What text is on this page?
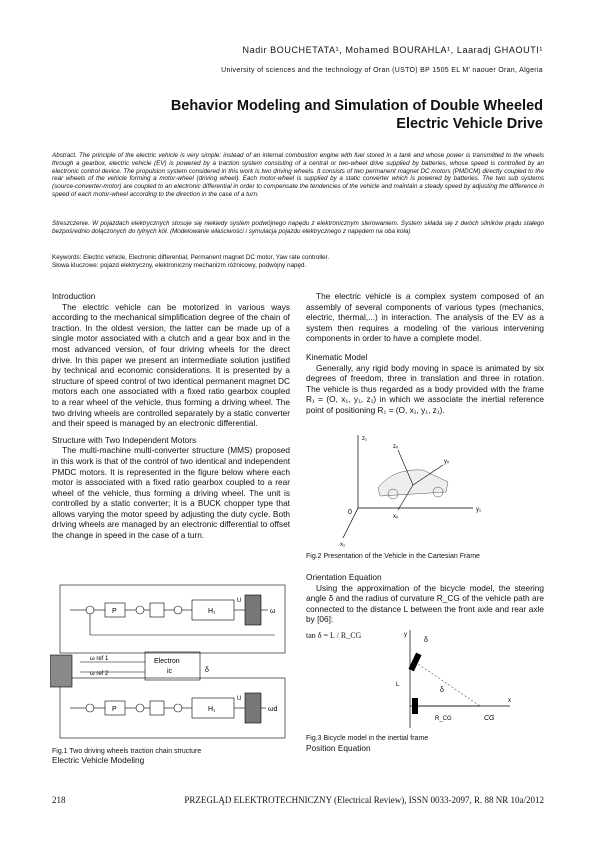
Nadir BOUCHETATA¹, Mohamed BOURAHLA¹, Laaradj GHAOUTI¹
University of sciences and the technology of Oran (USTO) BP 1505 EL M' naouer Oran, Algeria
Behavior Modeling and Simulation of Double Wheeled
Electric Vehicle Drive
Abstract. The principle of the electric vehicle is very simple: instead of an internal combustion engine with fuel stored in a tank and whose power is transmitted to the wheels through a gearbox, electric vehicle (EV) is powered by a traction system consisting of a central or two-wheel drive supplied by batteries, whose speed is controlled by an electronic control device. The propulsion system considered in this work is two driving wheels. It consists of two permanent magnet DC motors (PMDCM) directly coupled to the rear wheels of the vehicle forming a motor-wheel (driving wheel). Each motor-wheel is supplied by a static converter which is powered by batteries. The two sub systems (source-converter-motor) are coupled to an electronic differential in order to compensate the tendencies of the vehicle and maintain a steady speed by adjusting the difference in speed of each motor-wheel according to the direction in the case of a turn.
Streszczenie. W pojazdach elektrycznych stosuje się niekiedy system podwójnego napędu z elektronicznym sterowaniem. System składa się z dwóch silników prądu stałego bezpośrednio dołączonych do tylnych kół. (Modelowanie właściwości i symulacja pojazdu elektrycznego z napędem na oba koła)
Keywords: Electric vehicle, Electronic differential, Permanent magnet DC motor, Yaw rate controller.
Słowa kluczowe: pojazd elektryczny, elektroniczny mechanizm różnicowy, podwójny napęd.
Introduction

The electric vehicle can be motorized in various ways according to the mechanical simplification degree of the chain of traction. In the oldest version, the latter can be made up of a single motor associated with a clutch and a gear box and in the most advanced version, of four driving wheels for the direct drive. In this paper we present an intermediate solution justified by technical and economic considerations. It is presented by a structure of speed control of two identical permanent magnet DC motors each one associated with a fixed ratio gearbox coupled to a rear wheel of the vehicle, thus forming a driving wheel. The two driving wheels are controlled separately by a static converter and their speed is managed by an electronic differential.

Structure with Two Independent Motors

The multi-machine multi-converter structure (MMS) proposed in this work is that of the control of two identical and independent PMDC motors. It is represented in the figure below where each motor is associated with a fixed ratio gearbox coupled to a rear wheel of the vehicle, thus forming a driving wheel. The unit is controlled by a static converter; it is a BUCK chopper type that allows varying the motor speed by adjusting the duty cycle. Both driving wheels are managed by an electronic differential to offset the change in speed in the case of a turn.

P	H₁
U
ω
Electron
ic
ω ref 1
ω ref 2	δ
P	H₁
U
ωd
Fig.1 Two driving wheels traction chain structure
Electric Vehicle Modeling

The electric vehicle is a complex system composed of an assembly of several components of various types (mechanics, electric, thermal,...) in interaction. The analysis of the EV as a system then requires a modeling of the various intervening components in order to have a complete model.

Kinematic Model

Generally, any rigid body moving in space is animated by six degrees of freedom, three in translation and three in rotation. The vehicle is thus regarded as a body provided with the frame R₁ = (O, x₁, y₁, z₁) in which we associate the inertial reference point of positioning R₁ = (O, x₁, y₁, z₁).

z₁
y₁
x₁
0
zᵥ
yᵥ
xᵥ
Fig.2 Presentation of the Vehicle in the Cartesian Frame
Orientation Equation

Using the approximation of the bicycle model, the steering angle δ and the radius of curvature R_CG of the vehicle path are connected to the distance L between the front axle and rear axle by [06]:

tan δ = L / R_CG	y
x
L
δ
δ
R_CG	CG
Fig.3 Bicycle model in the inertial frame
Position Equation
218	PRZEGLĄD ELEKTROTECHNICZNY (Electrical Review), ISSN 0033-2097, R. 88 NR 10a/2012
